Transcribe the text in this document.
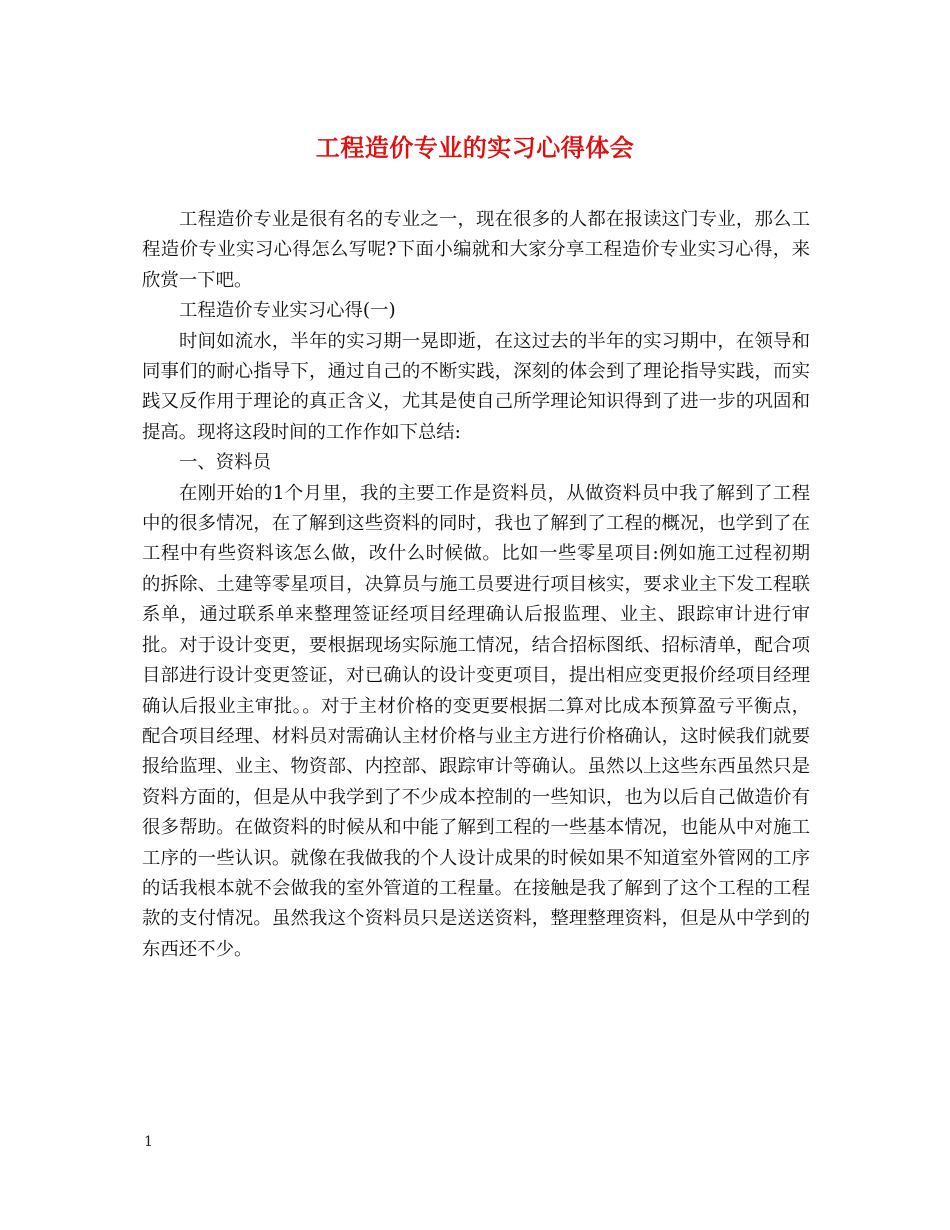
工程造价专业的实习心得体会

工程造价专业是很有名的专业之一，现在很多的人都在报读这门专业，那么工程造价专业实习心得怎么写呢?下面小编就和大家分享工程造价专业实习心得，来欣赏一下吧。

工程造价专业实习心得(一)

时间如流水，半年的实习期一晃即逝，在这过去的半年的实习期中，在领导和同事们的耐心指导下，通过自己的不断实践，深刻的体会到了理论指导实践，而实践又反作用于理论的真正含义，尤其是使自己所学理论知识得到了进一步的巩固和提高。现将这段时间的工作作如下总结:

一、资料员

在刚开始的1个月里，我的主要工作是资料员，从做资料员中我了解到了工程中的很多情况，在了解到这些资料的同时，我也了解到了工程的概况，也学到了在工程中有些资料该怎么做，改什么时候做。比如一些零星项目:例如施工过程初期的拆除、土建等零星项目，决算员与施工员要进行项目核实，要求业主下发工程联系单，通过联系单来整理签证经项目经理确认后报监理、业主、跟踪审计进行审批。对于设计变更，要根据现场实际施工情况，结合招标图纸、招标清单，配合项目部进行设计变更签证，对已确认的设计变更项目，提出相应变更报价经项目经理确认后报业主审批。。对于主材价格的变更要根据二算对比成本预算盈亏平衡点，配合项目经理、材料员对需确认主材价格与业主方进行价格确认，这时候我们就要报给监理、业主、物资部、内控部、跟踪审计等确认。虽然以上这些东西虽然只是资料方面的，但是从中我学到了不少成本控制的一些知识，也为以后自己做造价有很多帮助。在做资料的时候从和中能了解到工程的一些基本情况，也能从中对施工工序的一些认识。就像在我做我的个人设计成果的时候如果不知道室外管网的工序的话我根本就不会做我的室外管道的工程量。在接触是我了解到了这个工程的工程款的支付情况。虽然我这个资料员只是送送资料，整理整理资料，但是从中学到的东西还不少。

1
